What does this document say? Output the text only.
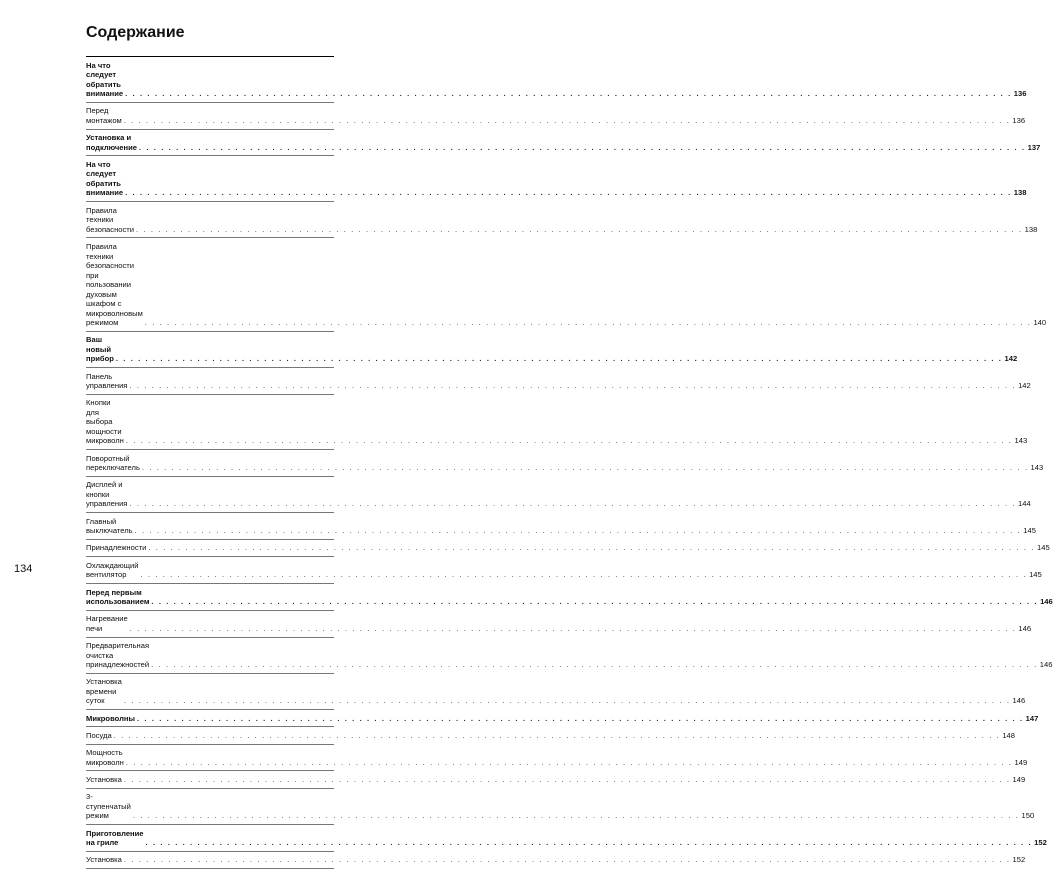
Содержание
На что следует обратить внимание . . . . . . . . . . . . . . . . . . . . . . . . . . . . . . . . . . . . . . . . . . . . . . . . . . . . . . . . . . . . . . . . . . . . . . . . . . . . . . . . . . . . . . . . . . . . . . . . . . . . . . . . . . . . . . . . . . . . . . . . 136
Перед монтажом . . . . . . . . . . . . . . . . . . . . . . . . . . . . . . . . . . . . . . . . . . . . . . . . . . . . . . . . . . . . . . . . . . . . . . . . . . . . . . . . . . . . . . . . . . . . . . . . . . . . . . . . . . . . . . . . . . . . . . . . 136
Установка и подключение . . . . . . . . . . . . . . . . . . . . . . . . . . . . . . . . . . . . . . . . . . . . . . . . . . . . . . . . . . . . . . . . . . . . . . . . . . . . . . . . . . . . . . . . . . . . . . . . . . . . . . . . . . . . . . . . . . . . . . . . 137
На что следует обратить внимание . . . . . . . . . . . . . . . . . . . . . . . . . . . . . . . . . . . . . . . . . . . . . . . . . . . . . . . . . . . . . . . . . . . . . . . . . . . . . . . . . . . . . . . . . . . . . . . . . . . . . . . . . . . . . . . . . . . . . . . . 138
Правила техники безопасности . . . . . . . . . . . . . . . . . . . . . . . . . . . . . . . . . . . . . . . . . . . . . . . . . . . . . . . . . . . . . . . . . . . . . . . . . . . . . . . . . . . . . . . . . . . . . . . . . . . . . . . . . . . . . . . . . . . . . . . . 138
Правила техники безопасности при пользовании
духовым шкафом с микроволновым режимом	. . . . . . . . . . . . . . . . . . . . . . . . . . . . . . . . . . . . . . . . . . . . . . . . . . . . . . . . . . . . . . . . . . . . . . . . . . . . . . . . . . . . . . . . . . . . . . . . . . . . . . . . . . . . . . . . . . . . . . . . 140
Ваш новый прибор . . . . . . . . . . . . . . . . . . . . . . . . . . . . . . . . . . . . . . . . . . . . . . . . . . . . . . . . . . . . . . . . . . . . . . . . . . . . . . . . . . . . . . . . . . . . . . . . . . . . . . . . . . . . . . . . . . . . . . . . 142
Панель управления . . . . . . . . . . . . . . . . . . . . . . . . . . . . . . . . . . . . . . . . . . . . . . . . . . . . . . . . . . . . . . . . . . . . . . . . . . . . . . . . . . . . . . . . . . . . . . . . . . . . . . . . . . . . . . . . . . . . . . . . 142
Кнопки для выбора мощности
микроволн . . . . . . . . . . . . . . . . . . . . . . . . . . . . . . . . . . . . . . . . . . . . . . . . . . . . . . . . . . . . . . . . . . . . . . . . . . . . . . . . . . . . . . . . . . . . . . . . . . . . . . . . . . . . . . . . . . . . . . . . 143
Поворотный переключатель . . . . . . . . . . . . . . . . . . . . . . . . . . . . . . . . . . . . . . . . . . . . . . . . . . . . . . . . . . . . . . . . . . . . . . . . . . . . . . . . . . . . . . . . . . . . . . . . . . . . . . . . . . . . . . . . . . . . . . . . 143
Дисплей и кнопки управления . . . . . . . . . . . . . . . . . . . . . . . . . . . . . . . . . . . . . . . . . . . . . . . . . . . . . . . . . . . . . . . . . . . . . . . . . . . . . . . . . . . . . . . . . . . . . . . . . . . . . . . . . . . . . . . . . . . . . . . . 144
Главный выключатель . . . . . . . . . . . . . . . . . . . . . . . . . . . . . . . . . . . . . . . . . . . . . . . . . . . . . . . . . . . . . . . . . . . . . . . . . . . . . . . . . . . . . . . . . . . . . . . . . . . . . . . . . . . . . . . . . . . . . . . . 145
Принадлежности . . . . . . . . . . . . . . . . . . . . . . . . . . . . . . . . . . . . . . . . . . . . . . . . . . . . . . . . . . . . . . . . . . . . . . . . . . . . . . . . . . . . . . . . . . . . . . . . . . . . . . . . . . . . . . . . . . . . . . . . 145
Охлаждающий вентилятор	. . . . . . . . . . . . . . . . . . . . . . . . . . . . . . . . . . . . . . . . . . . . . . . . . . . . . . . . . . . . . . . . . . . . . . . . . . . . . . . . . . . . . . . . . . . . . . . . . . . . . . . . . . . . . . . . . . . . . . . . 145
Перед первым использованием . . . . . . . . . . . . . . . . . . . . . . . . . . . . . . . . . . . . . . . . . . . . . . . . . . . . . . . . . . . . . . . . . . . . . . . . . . . . . . . . . . . . . . . . . . . . . . . . . . . . . . . . . . . . . . . . . . . . . . . . 146
Нагревание печи	. . . . . . . . . . . . . . . . . . . . . . . . . . . . . . . . . . . . . . . . . . . . . . . . . . . . . . . . . . . . . . . . . . . . . . . . . . . . . . . . . . . . . . . . . . . . . . . . . . . . . . . . . . . . . . . . . . . . . . . . 146
Предварительная очистка принадлежностей . . . . . . . . . . . . . . . . . . . . . . . . . . . . . . . . . . . . . . . . . . . . . . . . . . . . . . . . . . . . . . . . . . . . . . . . . . . . . . . . . . . . . . . . . . . . . . . . . . . . . . . . . . . . . . . . . . . . . . . . 146
Установка времени суток	. . . . . . . . . . . . . . . . . . . . . . . . . . . . . . . . . . . . . . . . . . . . . . . . . . . . . . . . . . . . . . . . . . . . . . . . . . . . . . . . . . . . . . . . . . . . . . . . . . . . . . . . . . . . . . . . . . . . . . . . 146
Микроволны . . . . . . . . . . . . . . . . . . . . . . . . . . . . . . . . . . . . . . . . . . . . . . . . . . . . . . . . . . . . . . . . . . . . . . . . . . . . . . . . . . . . . . . . . . . . . . . . . . . . . . . . . . . . . . . . . . . . . . . . 147
Посуда . . . . . . . . . . . . . . . . . . . . . . . . . . . . . . . . . . . . . . . . . . . . . . . . . . . . . . . . . . . . . . . . . . . . . . . . . . . . . . . . . . . . . . . . . . . . . . . . . . . . . . . . . . . . . . . . . . . . . . . . 148
Мощность микроволн . . . . . . . . . . . . . . . . . . . . . . . . . . . . . . . . . . . . . . . . . . . . . . . . . . . . . . . . . . . . . . . . . . . . . . . . . . . . . . . . . . . . . . . . . . . . . . . . . . . . . . . . . . . . . . . . . . . . . . . . 149
Установка . . . . . . . . . . . . . . . . . . . . . . . . . . . . . . . . . . . . . . . . . . . . . . . . . . . . . . . . . . . . . . . . . . . . . . . . . . . . . . . . . . . . . . . . . . . . . . . . . . . . . . . . . . . . . . . . . . . . . . . . 149
3-ступенчатый режим	. . . . . . . . . . . . . . . . . . . . . . . . . . . . . . . . . . . . . . . . . . . . . . . . . . . . . . . . . . . . . . . . . . . . . . . . . . . . . . . . . . . . . . . . . . . . . . . . . . . . . . . . . . . . . . . . . . . . . . . . 150
Приготовление на гриле	. . . . . . . . . . . . . . . . . . . . . . . . . . . . . . . . . . . . . . . . . . . . . . . . . . . . . . . . . . . . . . . . . . . . . . . . . . . . . . . . . . . . . . . . . . . . . . . . . . . . . . . . . . . . . . . . . . . . . . . . 152
Установка . . . . . . . . . . . . . . . . . . . . . . . . . . . . . . . . . . . . . . . . . . . . . . . . . . . . . . . . . . . . . . . . . . . . . . . . . . . . . . . . . . . . . . . . . . . . . . . . . . . . . . . . . . . . . . . . . . . . . . . . 152
134
